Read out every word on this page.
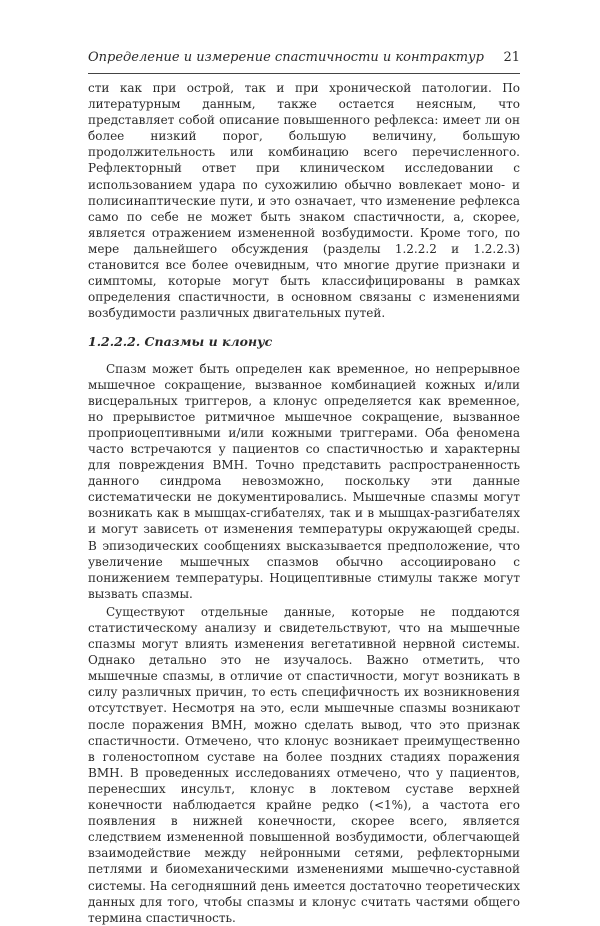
Определение и измерение спастичности и контрактур 21

сти как при острой, так и при хронической патологии. По литературным данным, также остается неясным, что представляет собой описание повышенного рефлекса: имеет ли он более низкий порог, большую величину, большую продолжительность или комбинацию всего перечисленного. Рефлекторный ответ при клиническом исследовании с использованием удара по сухожилию обычно вовлекает моно- и полисинаптические пути, и это означает, что изменение рефлекса само по себе не может быть знаком спастичности, а, скорее, является отражением измененной возбудимости. Кроме того, по мере дальнейшего обсуждения (разделы 1.2.2.2 и 1.2.2.3) становится все более очевидным, что многие другие признаки и симптомы, которые могут быть классифицированы в рамках определения спастичности, в основном связаны с изменениями возбудимости различных двигательных путей.

1.2.2.2. Спазмы и клонус

Спазм может быть определен как временное, но непрерывное мышечное сокращение, вызванное комбинацией кожных и/или висцеральных триггеров, а клонус определяется как временное, но прерывистое ритмичное мышечное сокращение, вызванное проприоцептивными и/или кожными триггерами. Оба феномена часто встречаются у пациентов со спастичностью и характерны для повреждения ВМН. Точно представить распространенность данного синдрома невозможно, поскольку эти данные систематически не документировались. Мышечные спазмы могут возникать как в мышцах-сгибателях, так и в мышцах-разгибателях и могут зависеть от изменения температуры окружающей среды. В эпизодических сообщениях высказывается предположение, что увеличение мышечных спазмов обычно ассоциировано с понижением температуры. Ноцицептивные стимулы также могут вызвать спазмы.

Существуют отдельные данные, которые не поддаются статистическому анализу и свидетельствуют, что на мышечные спазмы могут влиять изменения вегетативной нервной системы. Однако детально это не изучалось. Важно отметить, что мышечные спазмы, в отличие от спастичности, могут возникать в силу различных причин, то есть специфичность их возникновения отсутствует. Несмотря на это, если мышечные спазмы возникают после поражения ВМН, можно сделать вывод, что это признак спастичности. Отмечено, что клонус возникает преимущественно в голеностопном суставе на более поздних стадиях поражения ВМН. В проведенных исследованиях отмечено, что у пациентов, перенесших инсульт, клонус в локтевом суставе верхней конечности наблюдается крайне редко (<1%), а частота его появления в нижней конечности, скорее всего, является следствием измененной повышенной возбудимости, облегчающей взаимодействие между нейронными сетями, рефлекторными петлями и биомеханическими изменениями мышечно-суставной системы. На сегодняшний день имеется достаточно теоретических данных для того, чтобы спазмы и клонус считать частями общего термина спастичность.
